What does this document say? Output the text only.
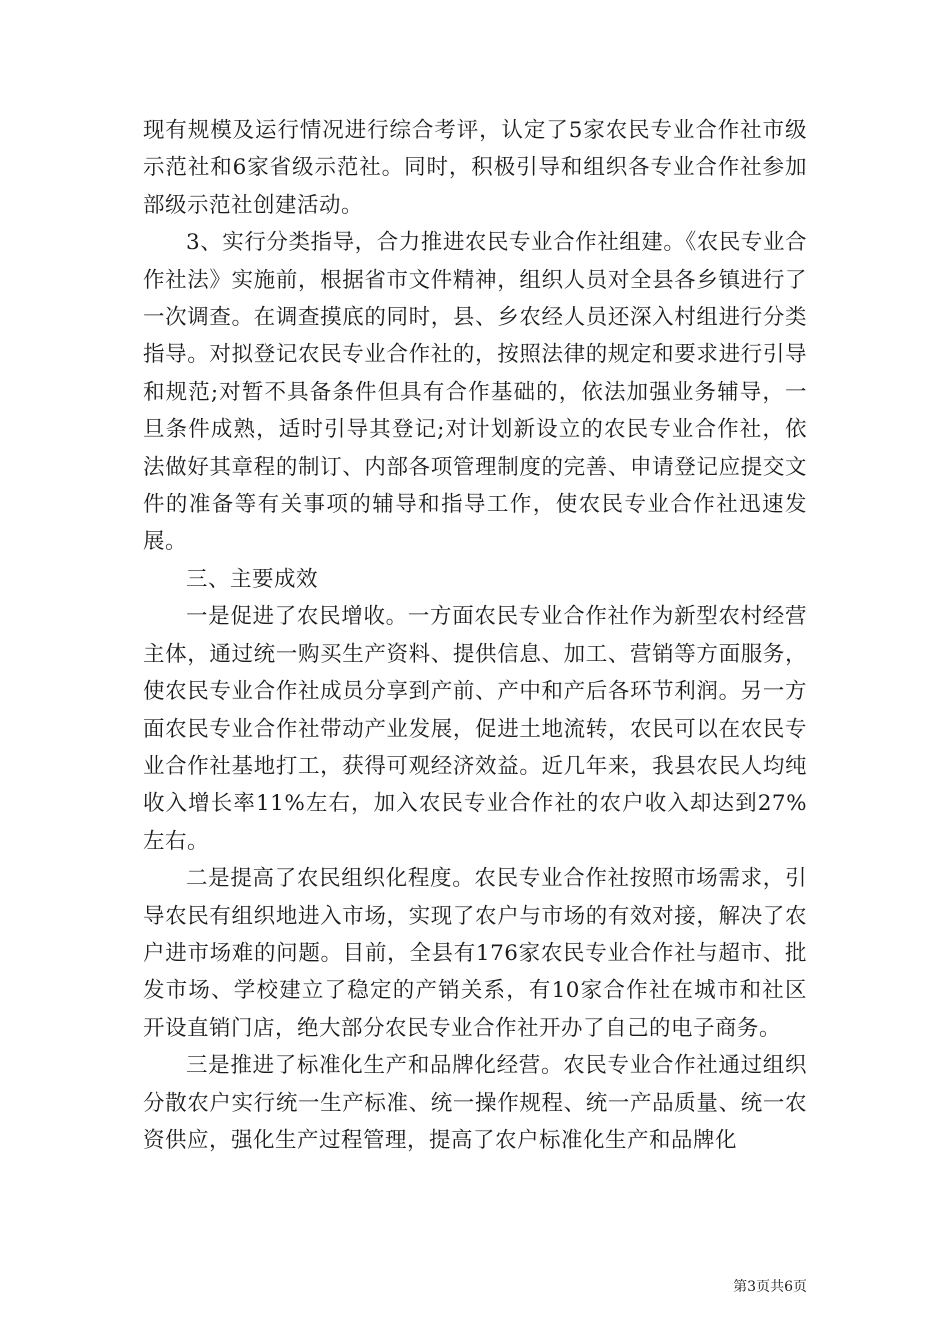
现有规模及运行情况进行综合考评，认定了5家农民专业合作社市级示范社和6家省级示范社。同时，积极引导和组织各专业合作社参加部级示范社创建活动。

3、实行分类指导，合力推进农民专业合作社组建。《农民专业合作社法》实施前，根据省市文件精神，组织人员对全县各乡镇进行了一次调查。在调查摸底的同时，县、乡农经人员还深入村组进行分类指导。对拟登记农民专业合作社的，按照法律的规定和要求进行引导和规范;对暂不具备条件但具有合作基础的，依法加强业务辅导，一旦条件成熟，适时引导其登记;对计划新设立的农民专业合作社，依法做好其章程的制订、内部各项管理制度的完善、申请登记应提交文件的准备等有关事项的辅导和指导工作，使农民专业合作社迅速发展。

三、主要成效

一是促进了农民增收。一方面农民专业合作社作为新型农村经营主体，通过统一购买生产资料、提供信息、加工、营销等方面服务，使农民专业合作社成员分享到产前、产中和产后各环节利润。另一方面农民专业合作社带动产业发展，促进土地流转，农民可以在农民专业合作社基地打工，获得可观经济效益。近几年来，我县农民人均纯收入增长率11%左右，加入农民专业合作社的农户收入却达到27%左右。

二是提高了农民组织化程度。农民专业合作社按照市场需求，引导农民有组织地进入市场，实现了农户与市场的有效对接，解决了农户进市场难的问题。目前，全县有176家农民专业合作社与超市、批发市场、学校建立了稳定的产销关系，有10家合作社在城市和社区开设直销门店，绝大部分农民专业合作社开办了自己的电子商务。

三是推进了标准化生产和品牌化经营。农民专业合作社通过组织分散农户实行统一生产标准、统一操作规程、统一产品质量、统一农资供应，强化生产过程管理，提高了农户标准化生产和品牌化

第3页共6页
